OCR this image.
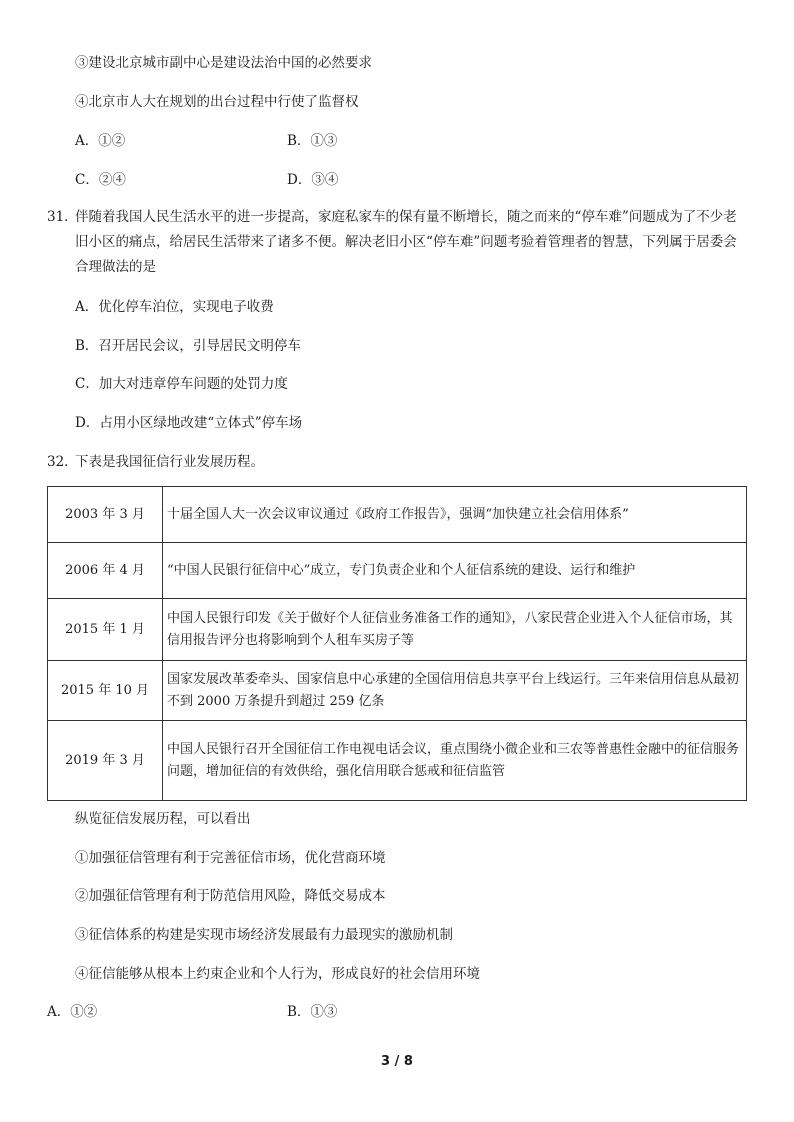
③建设北京城市副中心是建设法治中国的必然要求
④北京市人大在规划的出台过程中行使了监督权
A．①②	B．①③
C．②④	D．③④
31．
伴随着我国人民生活水平的进一步提高，家庭私家车的保有量不断增长，随之而来的“停车难”问题成为了不少老旧小区的痛点，给居民生活带来了诸多不便。解决老旧小区“停车难”问题考验着管理者的智慧，下列属于居委会合理做法的是
A．优化停车泊位，实现电子收费
B．召开居民会议，引导居民文明停车
C．加大对违章停车问题的处罚力度
D．占用小区绿地改建“立体式”停车场
32．
下表是我国征信行业发展历程。
2003 年 3 月	十届全国人大一次会议审议通过《政府工作报告》，强调“加快建立社会信用体系”
2006 年 4 月	“中国人民银行征信中心”成立，专门负责企业和个人征信系统的建设、运行和维护
2015 年 1 月	中国人民银行印发《关于做好个人征信业务准备工作的通知》，八家民营企业进入个人征信市场，其信用报告评分也将影响到个人租车买房子等
2015 年 10 月	国家发展改革委牵头、国家信息中心承建的全国信用信息共享平台上线运行。三年来信用信息从最初不到 2000 万条提升到超过 259 亿条
2019 年 3 月	中国人民银行召开全国征信工作电视电话会议，重点围绕小微企业和三农等普惠性金融中的征信服务问题，增加征信的有效供给，强化信用联合惩戒和征信监管
纵览征信发展历程，可以看出
①加强征信管理有利于完善征信市场，优化营商环境
②加强征信管理有利于防范信用风险，降低交易成本
③征信体系的构建是实现市场经济发展最有力最现实的激励机制
④征信能够从根本上约束企业和个人行为，形成良好的社会信用环境
A．①②	B．①③
3 / 8
